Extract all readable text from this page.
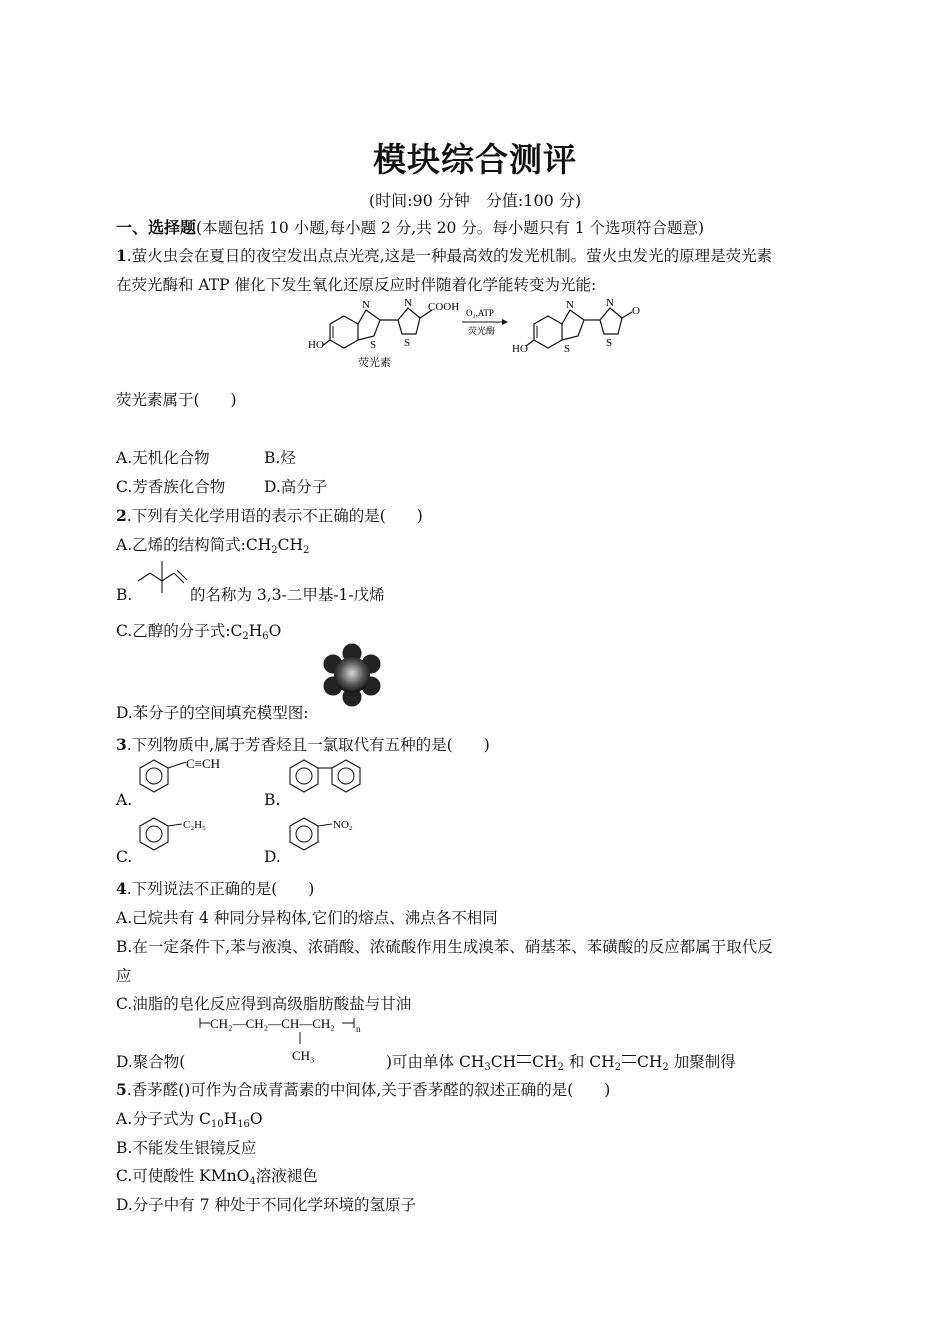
模块综合测评
(时间:90 分钟　分值:100 分)
一、选择题(本题包括 10 小题,每小题 2 分,共 20 分。每小题只有 1 个选项符合题意)
1.萤火虫会在夏日的夜空发出点点光亮,这是一种最高效的发光机制。萤火虫发光的原理是荧光素
在荧光酶和 ATP 催化下发生氧化还原反应时伴随着化学能转变为光能:
N
S
N
S
HO
COOH
荧光素
O₂,ATP
荧光酶
N
S
N
S
HO
O
荧光素属于(　　)
A.无机化合物	B.烃
C.芳香族化合物	D.高分子
2.下列有关化学用语的表示不正确的是(　　)
A.乙烯的结构简式$:CH_2CH_2$
B.	的名称为 3,3-二甲基-1-戊烯
C.乙醇的分子式$:C_2H_6O$
D.苯分子的空间填充模型图:
3.下列物质中,属于芳香烃且一氯取代有五种的是(　　)
C≡CH
A.	B.
C₂H₅	NO₂
C.	D.
4.下列说法不正确的是(　　)
A.己烷共有 4 种同分异构体,它们的熔点、沸点各不相同
B.在一定条件下,苯与液溴、浓硝酸、浓硫酸作用生成溴苯、硝基苯、苯磺酸的反应都属于取代反
应
C.油脂的皂化反应得到高级脂肪酸盐与甘油
CH₂—CH₂—CH—CH₂ n
CH₃
D.聚合物(	)可由单体 $CH_3CH$ $CH_2$ 和 $CH_2$ $CH_2$ 加聚制得
5.香茅醛()可作为合成青蒿素的中间体,关于香茅醛的叙述正确的是(　　)
A.分子式为 $C_{10}H_{16}O$
B.不能发生银镜反应
C.可使酸性 KMnO$_4$溶液褪色
D.分子中有 7 种处于不同化学环境的氢原子
